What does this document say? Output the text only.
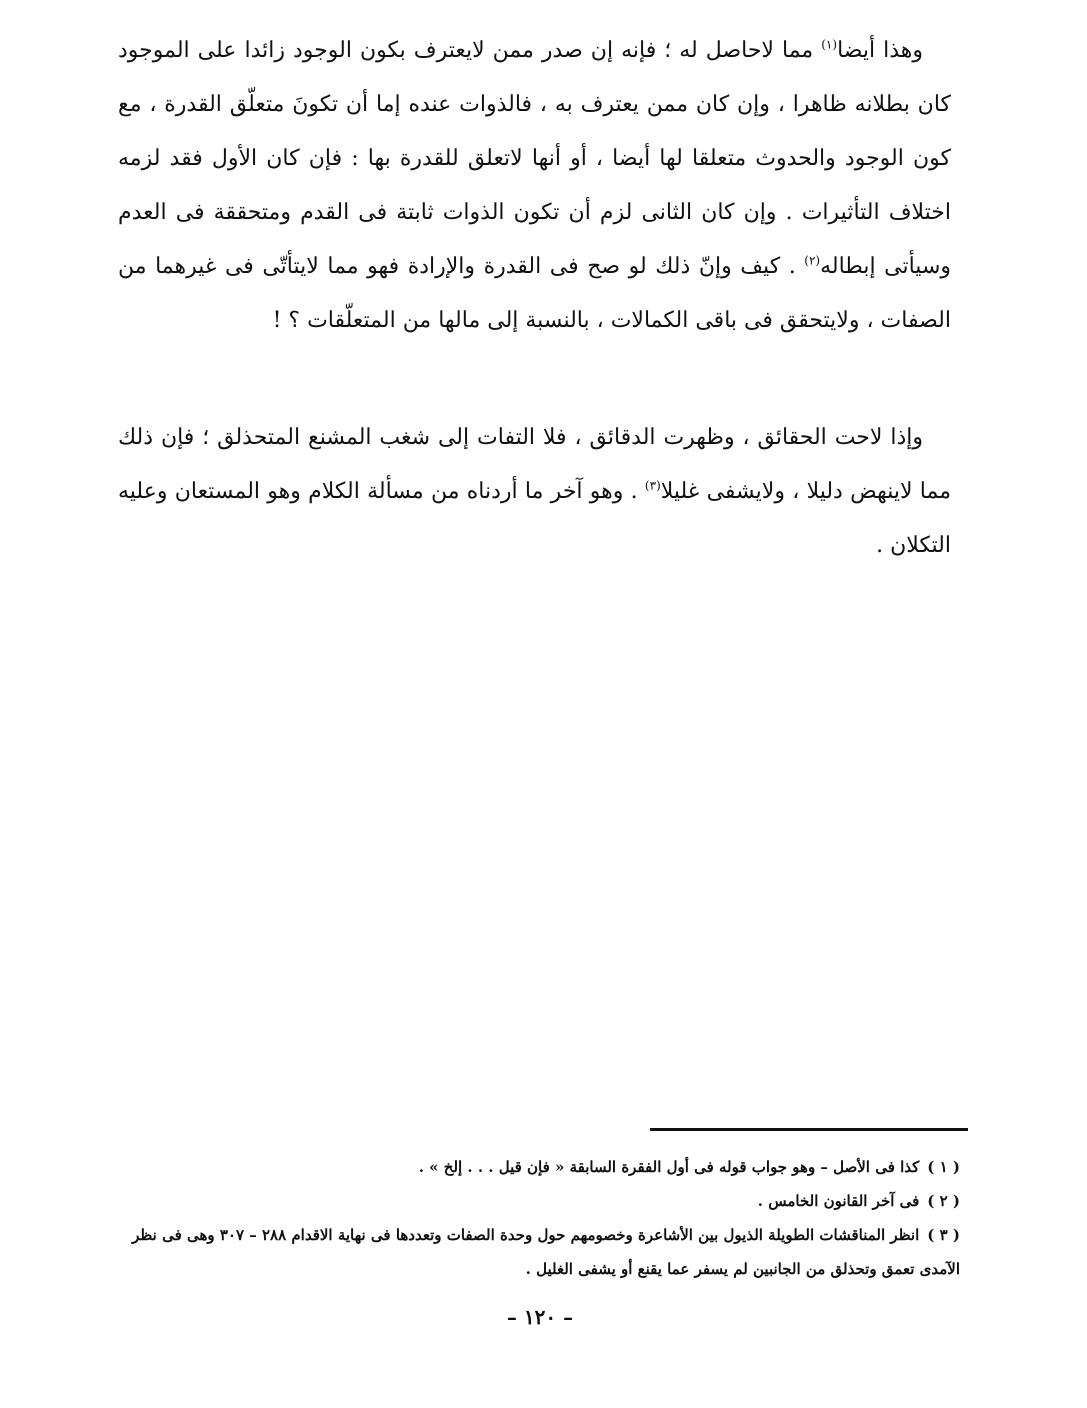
وهذا أيضا$^{(١)}$ مما لاحاصل له ؛ فإنه إن صدر ممن لايعترف بكون الوجود زائدا على الموجود كان بطلانه ظاهرا ، وإن كان ممن يعترف به ، فالذوات عنده إما أن تكونَ متعلّق القدرة ، مع كون الوجود والحدوث متعلقا لها أيضا ، أو أنها لاتعلق للقدرة بها : فإن كان الأول فقد لزمه اختلاف التأثيرات . وإن كان الثانى لزم أن تكون الذوات ثابتة فى القدم ومتحققة فى العدم وسيأتى إبطاله$^{(٢)}$ . كيف وإنّ ذلك لو صح فى القدرة والإرادة فهو مما لايتأتّى فى غيرهما من الصفات ، ولايتحقق فى باقى الكمالات ، بالنسبة إلى مالها من المتعلّقات ؟ !

وإذا لاحت الحقائق ، وظهرت الدقائق ، فلا التفات إلى شغب المشنع المتحذلق ؛ فإن ذلك مما لاينهض دليلا ، ولايشفى غليلا$^{(٣)}$ . وهو آخر ما أردناه من مسألة الكلام وهو المستعان وعليه التكلان .

( ١ )كذا فى الأصل – وهو جواب قوله فى أول الفقرة السابقة « فإن قيل . . . إلخ » .
( ٢ )فى آخر القانون الخامس .
( ٣ )انظر المناقشات الطويلة الذيول بين الأشاعرة وخصومهم حول وحدة الصفات وتعددها فى نهاية الاقدام ٢٨٨ – ٣٠٧ وهى فى نظر الآمدى تعمق وتحذلق من الجانبين لم يسفر عما يقنع أو يشفى الغليل .

– ١٢٠ –
